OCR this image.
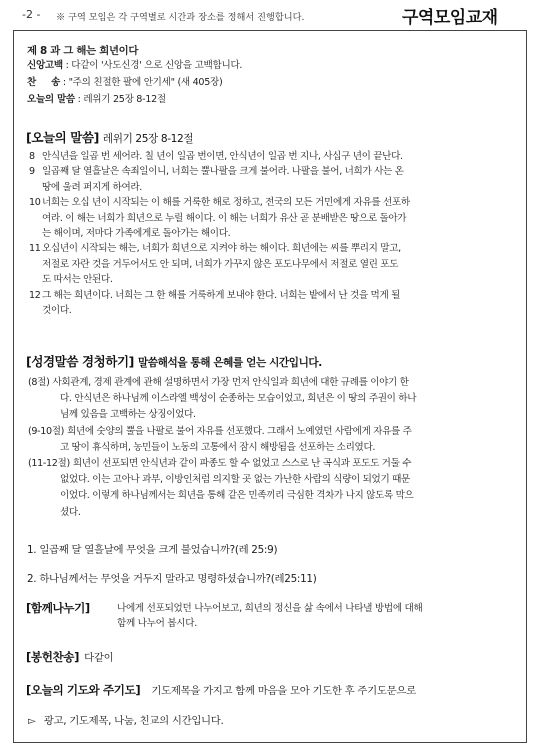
-2 - ※ 구역 모임은 각 구역별로 시간과 장소를 정해서 진행합니다.	구역모임교재
제 8 과 그 해는 희년이다
신앙고백 : 다같이 '사도신경' 으로 신앙을 고백합니다.
찬     송 : "주의 친절한 팔에 안기세" (새 405장)
오늘의 말씀 : 레위기 25장 8-12절
[오늘의 말씀] 레위기 25장 8-12절
8 안식년을 일곱 번 세어라. 칠 년이 일곱 번이면, 안식년이 일곱 번 지나, 사십구 년이 끝난다.
9 일곱째 달 열흘날은 속죄일이니, 너희는 뿔나팔을 크게 불어라. 나팔을 불어, 너희가 사는 온
땅에 울려 퍼지게 하여라.
10 너희는 오십 년이 시작되는 이 해를 거룩한 해로 정하고, 전국의 모든 거민에게 자유를 선포하
여라. 이 해는 너희가 희년으로 누릴 해이다. 이 해는 너희가 유산 곧 분배받은 땅으로 돌아가
는 해이며, 저마다 가족에게로 돌아가는 해이다.
11 오십년이 시작되는 해는, 너희가 희년으로 지켜야 하는 해이다. 희년에는 씨를 뿌리지 말고,
저절로 자란 것을 거두어서도 안 되며, 너희가 가꾸지 않은 포도나무에서 저절로 열린 포도
도 따서는 안된다.
12 그 해는 희년이다. 너희는 그 한 해를 거룩하게 보내야 한다. 너희는 밭에서 난 것을 먹게 될
것이다.
[성경말씀 경청하기] 말씀해석을 통해 은혜를 얻는 시간입니다.
(8절) 사회관계, 경제 관계에 관해 설명하면서 가장 먼저 안식일과 희년에 대한 규례를 이야기 한
다. 안식년은 하나님께 이스라엘 백성이 순종하는 모습이었고, 희년은 이 땅의 주권이 하나
님께 있음을 고백하는 상징이었다.
(9-10절) 희년에 숫양의 뿔을 나팔로 불어 자유를 선포했다. 그래서 노예였던 사람에게 자유를 주
고 땅이 휴식하며, 농민들이 노동의 고통에서 잠시 해방됨을 선포하는 소리였다.
(11-12절) 희년이 선포되면 안식년과 같이 파종도 할 수 없었고 스스로 난 곡식과 포도도 거둘 수
없었다. 이는 고아나 과부, 이방인처럼 의지할 곳 없는 가난한 사람의 식량이 되었기 때문
이었다. 이렇게 하나님께서는 희년을 통해 같은 민족끼리 극심한 격차가 나지 않도록 막으
셨다.
1. 일곱째 달 열흘날에 무엇을 크게 불었습니까?(레 25:9)
2. 하나님께서는 무엇을 거두지 말라고 명령하셨습니까?(레25:11)
[함께나누기]	나에게 선포되었던 나누어보고, 희년의 정신을 삶 속에서 나타낼 방법에 대해
함께 나누어 봅시다.
[봉헌찬송] 다같이
[오늘의 기도와 주기도] 기도제목을 가지고 함께 마음을 모아 기도한 후 주기도문으로
▻ 광고, 기도제목, 나눔, 친교의 시간입니다.
